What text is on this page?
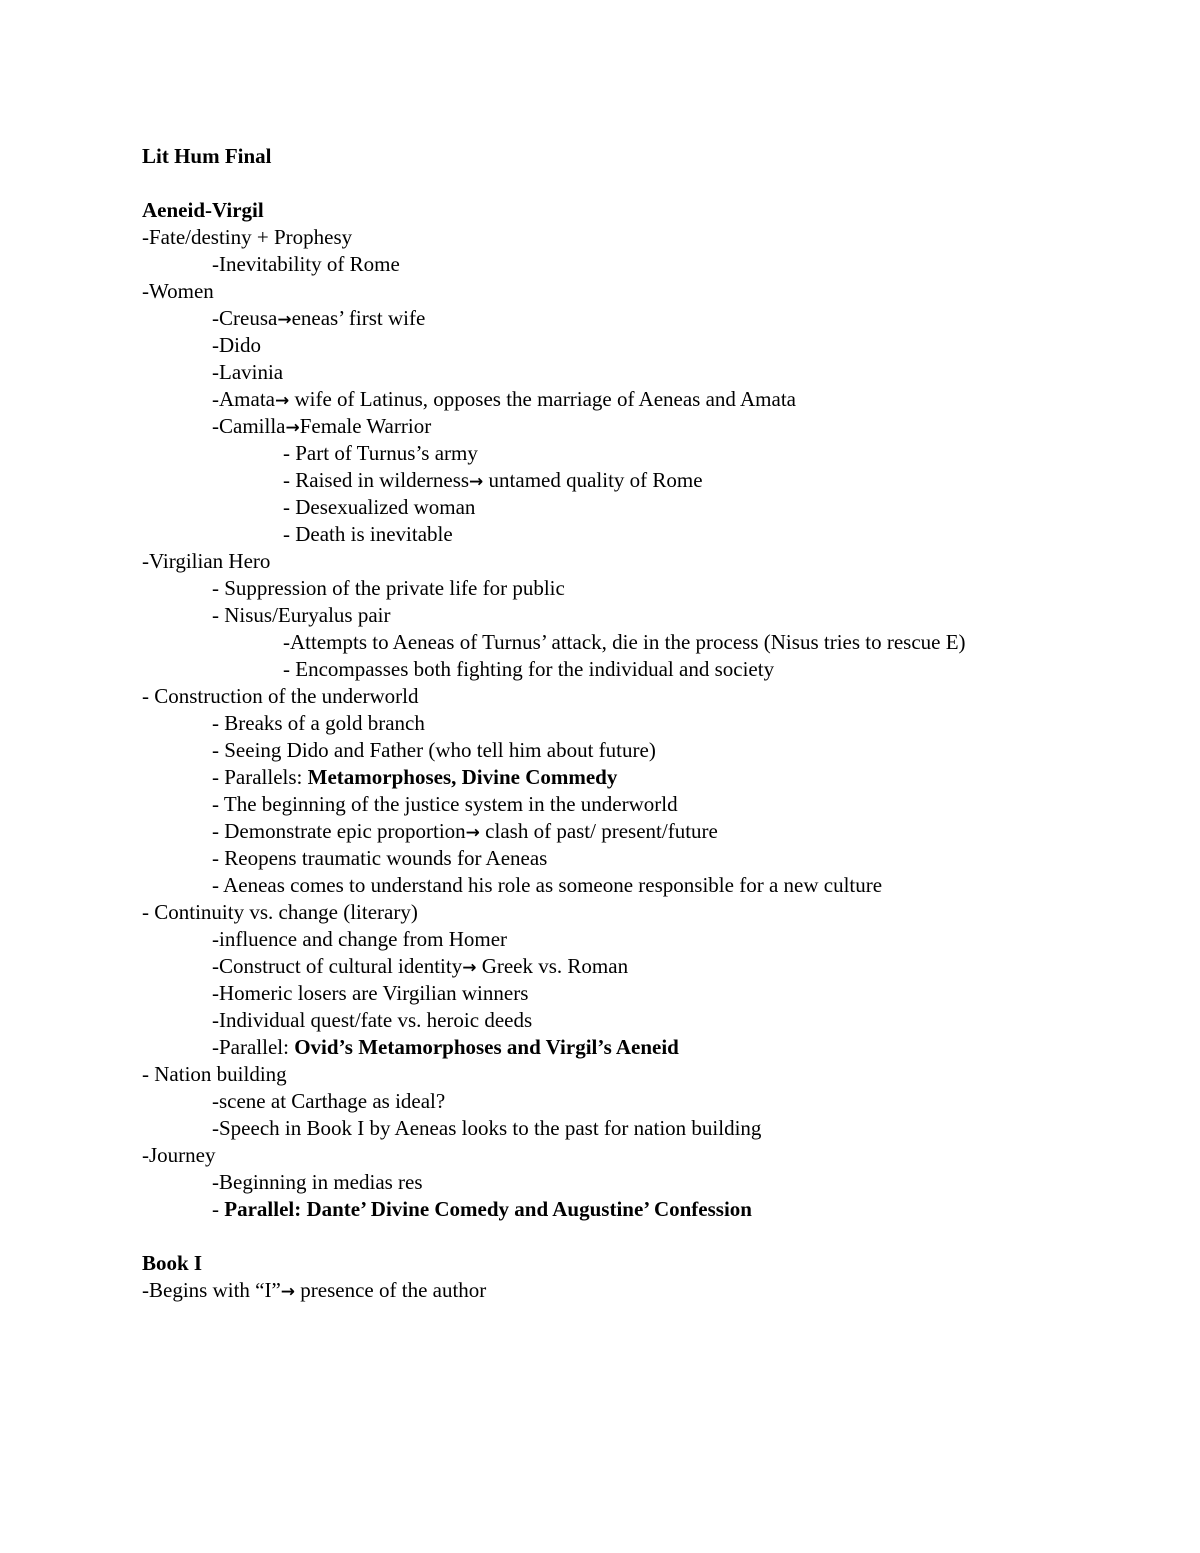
Lit Hum Final
Aeneid-Virgil
-Fate/destiny + Prophesy
-Inevitability of Rome
-Women
-Creusa→eneas’ first wife
-Dido
-Lavinia
-Amata→ wife of Latinus, opposes the marriage of Aeneas and Amata
-Camilla→Female Warrior
- Part of Turnus’s army
- Raised in wilderness→ untamed quality of Rome
- Desexualized woman
- Death is inevitable
-Virgilian Hero
- Suppression of the private life for public
- Nisus/Euryalus pair
-Attempts to Aeneas of Turnus’ attack, die in the process (Nisus tries to rescue E)
- Encompasses both fighting for the individual and society
- Construction of the underworld
- Breaks of a gold branch
- Seeing Dido and Father (who tell him about future)
- Parallels: Metamorphoses, Divine Commedy
- The beginning of the justice system in the underworld
- Demonstrate epic proportion→ clash of past/ present/future
- Reopens traumatic wounds for Aeneas
- Aeneas comes to understand his role as someone responsible for a new culture
- Continuity vs. change (literary)
-influence and change from Homer
-Construct of cultural identity→ Greek vs. Roman
-Homeric losers are Virgilian winners
-Individual quest/fate vs. heroic deeds
-Parallel: Ovid’s Metamorphoses and Virgil’s Aeneid
- Nation building
-scene at Carthage as ideal?
-Speech in Book I by Aeneas looks to the past for nation building
-Journey
-Beginning in medias res
- Parallel: Dante’ Divine Comedy and Augustine’ Confession
Book I
-Begins with “I”→ presence of the author
